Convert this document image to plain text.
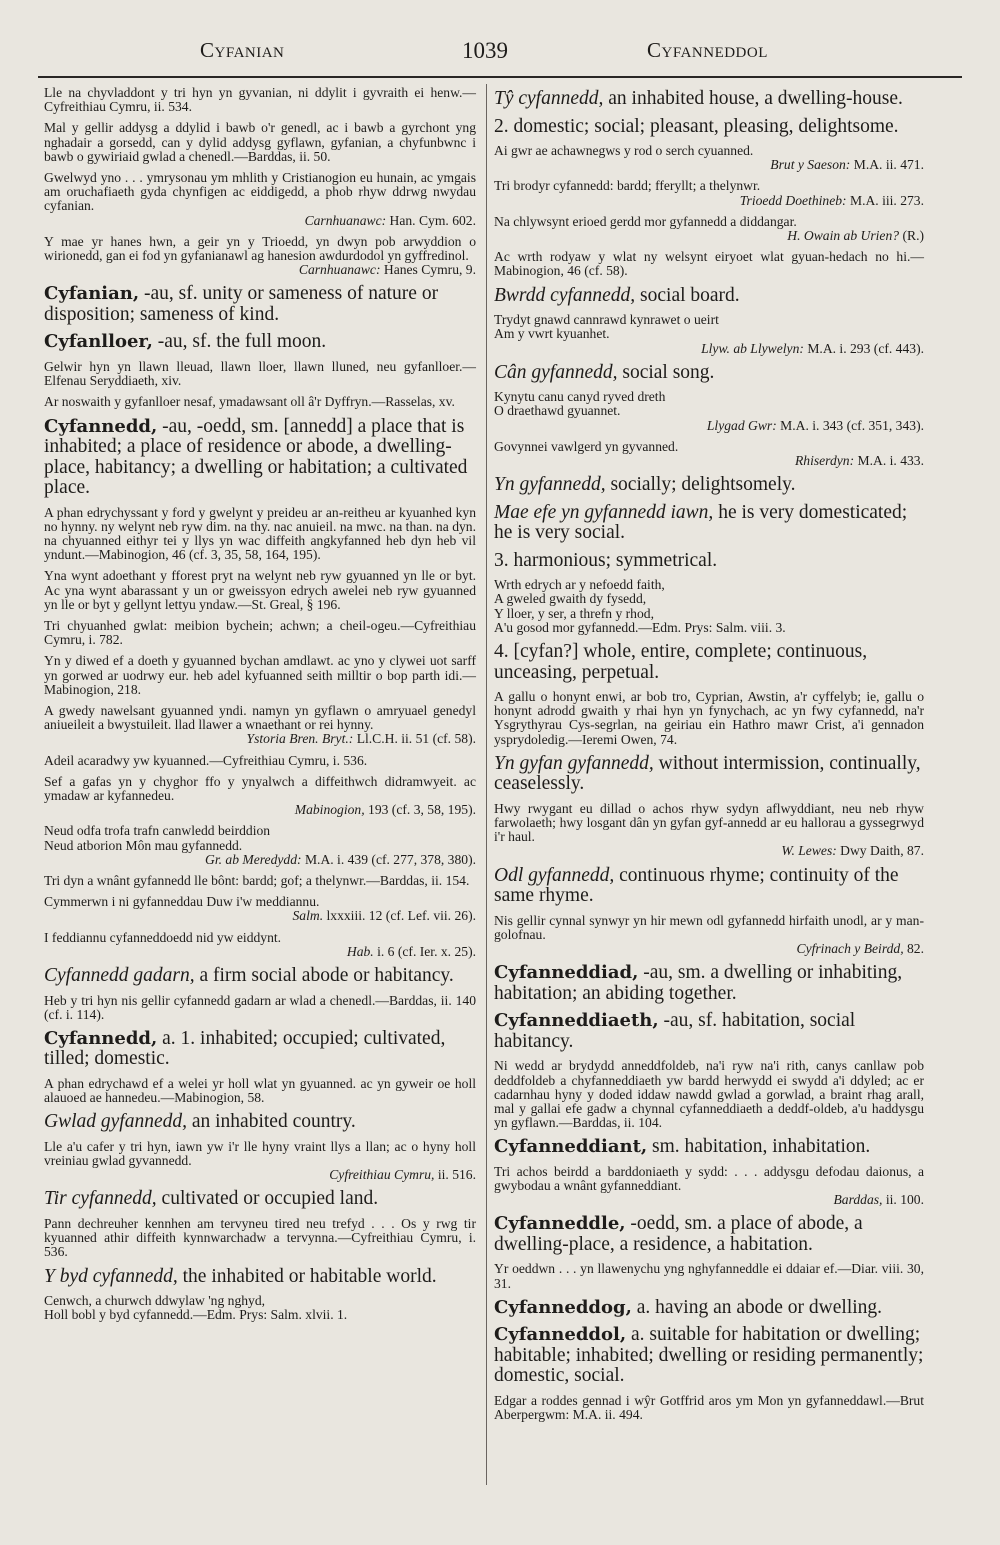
Cyfanian	1039	Cyfanneddol
Lle na chyvladdont y tri hyn yn gyvanian, ni ddylit i gyvraith ei henw.—Cyfreithiau Cymru, ii. 534.
Mal y gellir addysg a ddylid i bawb o'r genedl, ac i bawb a gyrchont yng nghadair a gorsedd, can y dylid addysg gyflawn, gyfanian, a chyfunbwnc i bawb o gywiriaid gwlad a chenedl.—Barddas, ii. 50.
Gwelwyd yno . . . ymrysonau ym mhlith y Cristianogion eu hunain, ac ymgais am oruchafiaeth gyda chynfigen ac eiddigedd, a phob rhyw ddrwg nwydau cyfanian.
Carnhuanawc: Han. Cym. 602.
Y mae yr hanes hwn, a geir yn y Trioedd, yn dwyn pob arwyddion o wirionedd, gan ei fod yn gyfanianawl ag hanesion awdurdodol yn gyffredinol.
Carnhuanawc: Hanes Cymru, 9.
Cyfanian, -au, sf. unity or sameness of nature or disposition; sameness of kind.
Cyfanlloer, -au, sf. the full moon.
Gelwir hyn yn llawn lleuad, llawn lloer, llawn lluned, neu gyfanlloer.—Elfenau Seryddiaeth, xiv.
Ar noswaith y gyfanlloer nesaf, ymadawsant oll â'r Dyffryn.—Rasselas, xv.
Cyfannedd, -au, -oedd, sm. [annedd] a place that is inhabited; a place of residence or abode, a dwelling-place, habitancy; a dwelling or habitation; a cultivated place.
A phan edrychyssant y ford y gwelynt y preideu ar an-reitheu ar kyuanhed kyn no hynny. ny welynt neb ryw dim. na thy. nac anuieil. na mwc. na than. na dyn. na chyuanned eithyr tei y llys yn wac diffeith angkyfanned heb dyn heb vil yndunt.—Mabinogion, 46 (cf. 3, 35, 58, 164, 195).
Yna wynt adoethant y fforest pryt na welynt neb ryw gyuanned yn lle or byt. Ac yna wynt abarassant y un or gweissyon edrych awelei neb ryw gyuanned yn lle or byt y gellynt lettyu yndaw.—St. Greal, § 196.
Tri chyuanhed gwlat: meibion bychein; achwn; a cheil-ogeu.—Cyfreithiau Cymru, i. 782.
Yn y diwed ef a doeth y gyuanned bychan amdlawt. ac yno y clywei uot sarff yn gorwed ar uodrwy eur. heb adel kyfuanned seith milltir o bop parth idi.—Mabinogion, 218.
A gwedy nawelsant gyuanned yndi. namyn yn gyflawn o amryuael genedyl aniueileit a bwystuileit. llad llawer a wnaethant or rei hynny.
Ystoria Bren. Bryt.: Ll.C.H. ii. 51 (cf. 58).
Adeil acaradwy yw kyuanned.—Cyfreithiau Cymru, i. 536.
Sef a gafas yn y chyghor ffo y ynyalwch a diffeithwch didramwyeit. ac ymadaw ar kyfannedeu.
Mabinogion, 193 (cf. 3, 58, 195).
Neud odfa trofa trafn canwledd beirddion
Neud atborion Môn mau gyfannedd.
Gr. ab Meredydd: M.A. i. 439 (cf. 277, 378, 380).
Tri dyn a wnânt gyfannedd lle bônt: bardd; gof; a thelynwr.—Barddas, ii. 154.
Cymmerwn i ni gyfanneddau Duw i'w meddiannu.
Salm. lxxxiii. 12 (cf. Lef. vii. 26).
I feddiannu cyfanneddoedd nid yw eiddynt.
Hab. i. 6 (cf. Ier. x. 25).
Cyfannedd gadarn, a firm social abode or habitancy.
Heb y tri hyn nis gellir cyfannedd gadarn ar wlad a chenedl.—Barddas, ii. 140 (cf. i. 114).
Cyfannedd, a. 1. inhabited; occupied; cultivated, tilled; domestic.
A phan edrychawd ef a welei yr holl wlat yn gyuanned. ac yn gyweir oe holl alauoed ae hannedeu.—Mabinogion, 58.
Gwlad gyfannedd, an inhabited country.
Lle a'u cafer y tri hyn, iawn yw i'r lle hyny vraint llys a llan; ac o hyny holl vreiniau gwlad gyvannedd.
Cyfreithiau Cymru, ii. 516.
Tir cyfannedd, cultivated or occupied land.
Pann dechreuher kennhen am tervyneu tired neu trefyd . . . Os y rwg tir kyuanned athir diffeith kynnwarchadw a tervynna.—Cyfreithiau Cymru, i. 536.
Y byd cyfannedd, the inhabited or habitable world.
Cenwch, a churwch ddwylaw 'ng nghyd,
Holl bobl y byd cyfannedd.—Edm. Prys: Salm. xlvii. 1.
Tŷ cyfannedd, an inhabited house, a dwelling-house.
2. domestic; social; pleasant, pleasing, delightsome.
Ai gwr ae achawnegws y rod o serch cyuanned.
Brut y Saeson: M.A. ii. 471.
Tri brodyr cyfannedd: bardd; fferyllt; a thelynwr.
Trioedd Doethineb: M.A. iii. 273.
Na chlywsynt erioed gerdd mor gyfannedd a diddangar.
H. Owain ab Urien? (R.)
Ac wrth rodyaw y wlat ny welsynt eiryoet wlat gyuan-hedach no hi.—Mabinogion, 46 (cf. 58).
Bwrdd cyfannedd, social board.
Trydyt gnawd cannrawd kynrawet o ueirt
Am y vwrt kyuanhet.
Llyw. ab Llywelyn: M.A. i. 293 (cf. 443).
Cân gyfannedd, social song.
Kynytu canu canyd ryved dreth
O draethawd gyuannet.
Llygad Gwr: M.A. i. 343 (cf. 351, 343).
Govynnei vawlgerd yn gyvanned.
Rhiserdyn: M.A. i. 433.
Yn gyfannedd, socially; delightsomely.
Mae efe yn gyfannedd iawn, he is very domesticated; he is very social.
3. harmonious; symmetrical.
Wrth edrych ar y nefoedd faith,
A gweled gwaith dy fysedd,
Y lloer, y ser, a threfn y rhod,
A'u gosod mor gyfannedd.—Edm. Prys: Salm. viii. 3.
4. [cyfan?] whole, entire, complete; continuous, unceasing, perpetual.
A gallu o honynt enwi, ar bob tro, Cyprian, Awstin, a'r cyffelyb; ie, gallu o honynt adrodd gwaith y rhai hyn yn fynychach, ac yn fwy cyfannedd, na'r Ysgrythyrau Cys-segrlan, na geiriau ein Hathro mawr Crist, a'i gennadon ysprydoledig.—Ieremi Owen, 74.
Yn gyfan gyfannedd, without intermission, continually, ceaselessly.
Hwy rwygant eu dillad o achos rhyw sydyn aflwyddiant, neu neb rhyw farwolaeth; hwy losgant dân yn gyfan gyf-annedd ar eu hallorau a gyssegrwyd i'r haul.
W. Lewes: Dwy Daith, 87.
Odl gyfannedd, continuous rhyme; continuity of the same rhyme.
Nis gellir cynnal synwyr yn hir mewn odl gyfannedd hirfaith unodl, ar y man-golofnau.
Cyfrinach y Beirdd, 82.
Cyfanneddiad, -au, sm. a dwelling or inhabiting, habitation; an abiding together.
Cyfanneddiaeth, -au, sf. habitation, social habitancy.
Ni wedd ar brydydd anneddfoldeb, na'i ryw na'i rith, canys canllaw pob deddfoldeb a chyfanneddiaeth yw bardd herwydd ei swydd a'i ddyled; ac er cadarnhau hyny y doded iddaw nawdd gwlad a gorwlad, a braint rhag arall, mal y gallai efe gadw a chynnal cyfanneddiaeth a deddf-oldeb, a'u haddysgu yn gyflawn.—Barddas, ii. 104.
Cyfanneddiant, sm. habitation, inhabitation.
Tri achos beirdd a barddoniaeth y sydd: . . . addysgu defodau daionus, a gwybodau a wnânt gyfanneddiant.
Barddas, ii. 100.
Cyfanneddle, -oedd, sm. a place of abode, a dwelling-place, a residence, a habitation.
Yr oeddwn . . . yn llawenychu yng nghyfanneddle ei ddaiar ef.—Diar. viii. 30, 31.
Cyfanneddog, a. having an abode or dwelling.
Cyfanneddol, a. suitable for habitation or dwelling; habitable; inhabited; dwelling or residing permanently; domestic, social.
Edgar a roddes gennad i wŷr Gotffrid aros ym Mon yn gyfanneddawl.—Brut Aberpergwm: M.A. ii. 494.
